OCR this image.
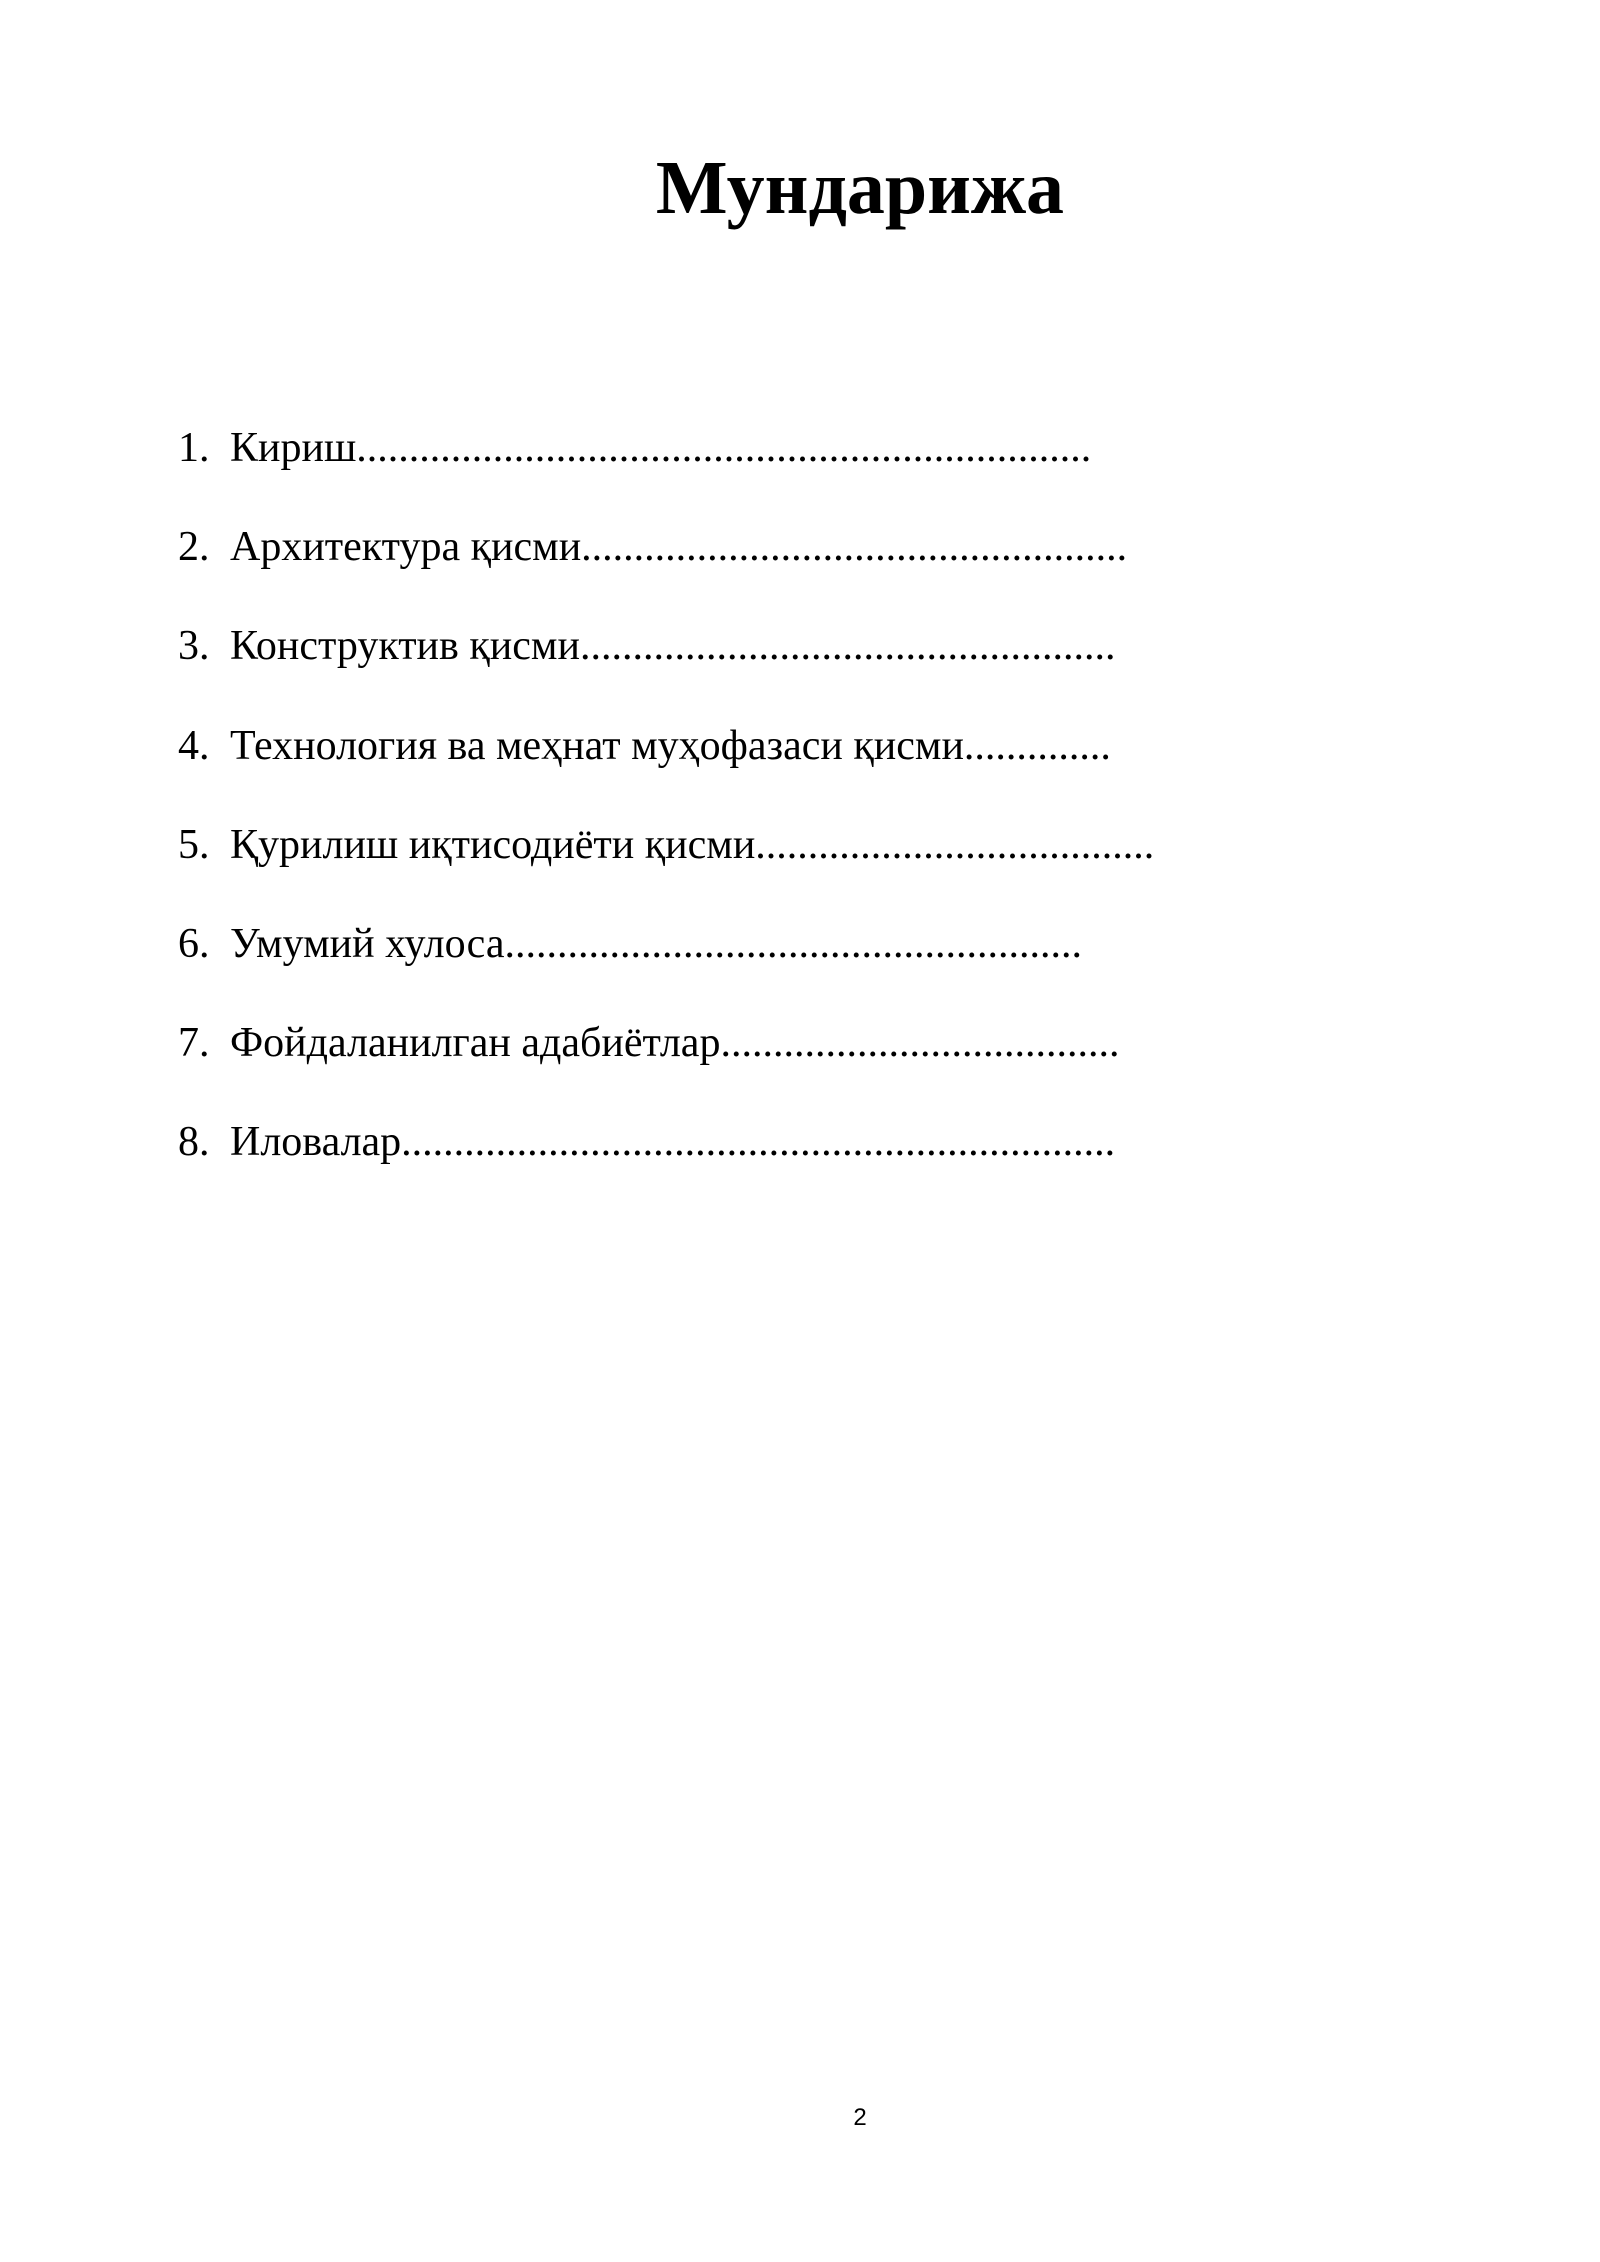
Мундарижа
1. Кириш......................................................................
2. Архитектура қисми....................................................
3. Конструктив қисми...................................................
4. Технология ва меҳнат муҳофазаси қисми..............
5. Қурилиш иқтисодиёти қисми......................................
6. Умумий хулоса.......................................................
7. Фойдаланилган адабиётлар......................................
8. Иловалар....................................................................
2
